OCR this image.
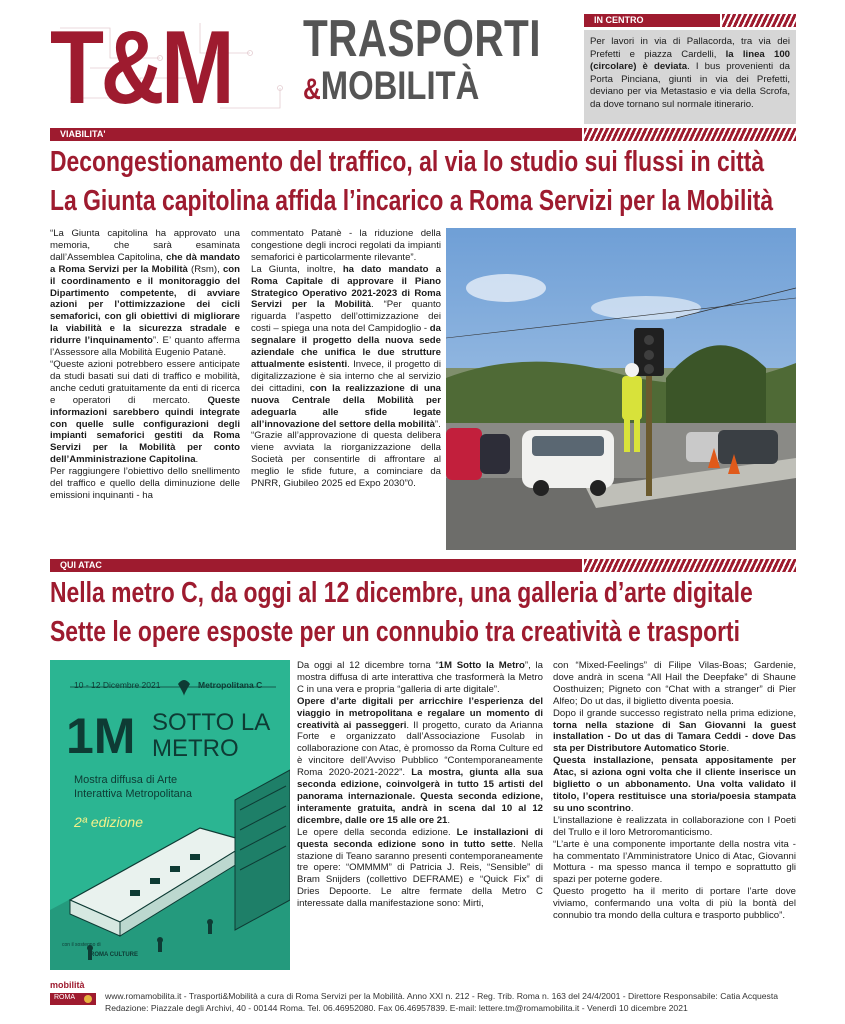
T&M TRASPORTI
&MOBILITÀ
IN CENTRO
Per lavori in via di Pallacorda, tra via dei Prefetti e piazza Cardelli, la linea 100 (circolare) è deviata. I bus provenienti da Porta Pinciana, giunti in via dei Prefetti, deviano per via Metastasio e via della Scrofa, da dove tornano sul normale itinerario.
VIABILITA'
Decongestionamento del traffico, al via lo studio sui flussi in città
La Giunta capitolina affida l’incarico a Roma Servizi per la Mobilità

“La Giunta capitolina ha approvato una memoria, che sarà esaminata dall’Assemblea Capitolina, che dà mandato a Roma Servizi per la Mobilità (Rsm), con il coordinamento e il monitoraggio del Dipartimento competente, di avviare azioni per l’ottimizzazione dei cicli semaforici, con gli obiettivi di migliorare la viabilità e la sicurezza stradale e ridurre l’inquinamento”. E’ quanto afferma l’Assessore alla Mobilità Eugenio Patanè.

“Queste azioni potrebbero essere anticipate da studi basati sui dati di traffico e mobilità, anche ceduti gratuitamente da enti di ricerca e operatori di mercato. Queste informazioni sarebbero quindi integrate con quelle sulle configurazioni degli impianti semaforici gestiti da Roma Servizi per la Mobilità per conto dell’Amministrazione Capitolina.

Per raggiungere l’obiettivo dello snellimento del traffico e quello della diminuzione delle emissioni inquinanti - ha

commentato Patanè - la riduzione della congestione degli incroci regolati da impianti semaforici è particolarmente rilevante”.

La Giunta, inoltre, ha dato mandato a Roma Capitale di approvare il Piano Strategico Operativo 2021-2023 di Roma Servizi per la Mobilità. “Per quanto riguarda l’aspetto dell’ottimizzazione dei costi – spiega una nota del Campidoglio - da segnalare il progetto della nuova sede aziendale che unifica le due strutture attualmente esistenti. Invece, il progetto di digitalizzazione è sia interno che al servizio dei cittadini, con la realizzazione di una nuova Centrale della Mobilità per adeguarla alle sfide legate all’innovazione del settore della mobilità”.

“Grazie all’approvazione di questa delibera viene avviata la riorganizzazione della Società per consentirle di affrontare al meglio le sfide future, a cominciare da PNRR, Giubileo 2025 ed Expo 2030”0.

QUI ATAC
Nella metro C, da oggi al 12 dicembre, una galleria d’arte digitale
Sette le opere esposte per un connubio tra creatività e trasporti
10 - 12 Dicembre 2021	Metropolitana C
1M SOTTO LA
METRO
Mostra diffusa di Arte
Interattiva Metropolitana
2ª edizione
con il sostegno di
ROMA CULTURE

Da oggi al 12 dicembre torna “1M Sotto la Metro”, la mostra diffusa di arte interattiva che trasformerà la Metro C in una vera e propria “galleria di arte digitale”.

Opere d’arte digitali per arricchire l’esperienza del viaggio in metropolitana e regalare un momento di creatività ai passeggeri. Il progetto, curato da Arianna Forte e organizzato dall’Associazione Fusolab in collaborazione con Atac, è promosso da Roma Culture ed è vincitore dell’Avviso Pubblico “Contemporaneamente Roma 2020-2021-2022”. La mostra, giunta alla sua seconda edizione, coinvolgerà in tutto 15 artisti del panorama internazionale. Questa seconda edizione, interamente gratuita, andrà in scena dal 10 al 12 dicembre, dalle ore 15 alle ore 21.

Le opere della seconda edizione. Le installazioni di questa seconda edizione sono in tutto sette. Nella stazione di Teano saranno presenti contemporaneamente tre opere: “OMMMM” di Patricia J. Reis, “Sensible” di Bram Snijders (collettivo DEFRAME) e “Quick Fix” di Dries Depoorte. Le altre fermate della Metro C interessate dalla manifestazione sono: Mirti,

con “Mixed-Feelings” di Filipe Vilas-Boas; Gardenie, dove andrà in scena “All Hail the Deepfake” di Shaune Oosthuizen; Pigneto con “Chat with a stranger” di Pier Alfeo; Do ut das, il biglietto diventa poesia.

Dopo il grande successo registrato nella prima edizione, torna nella stazione di San Giovanni la guest installation - Do ut das di Tamara Ceddi - dove Das sta per Distributore Automatico Storie.

Questa installazione, pensata appositamente per Atac, si aziona ogni volta che il cliente inserisce un biglietto o un abbonamento. Una volta validato il titolo, l’opera restituisce una storia/poesia stampata su uno scontrino.

L’installazione è realizzata in collaborazione con I Poeti del Trullo e il loro Metroromanticismo.

“L’arte è una componente importante della nostra vita - ha commentato l’Amministratore Unico di Atac, Giovanni Mottura - ma spesso manca il tempo e soprattutto gli spazi per poterne godere.

Questo progetto ha il merito di portare l’arte dove viviamo, confermando una volta di più la bontà del connubio tra mondo della cultura e trasporto pubblico”.

mobilità
ROMA	www.romamobilita.it - Trasporti&Mobilità a cura di Roma Servizi per la Mobilità. Anno XXI n. 212 - Reg. Trib. Roma n. 163 del 24/4/2001 - Direttore Responsabile: Catia Acquesta
Redazione: Piazzale degli Archivi, 40 - 00144 Roma. Tel. 06.46952080. Fax 06.46957839. E-mail: lettere.tm@romamobilita.it - Venerdì 10 dicembre 2021
